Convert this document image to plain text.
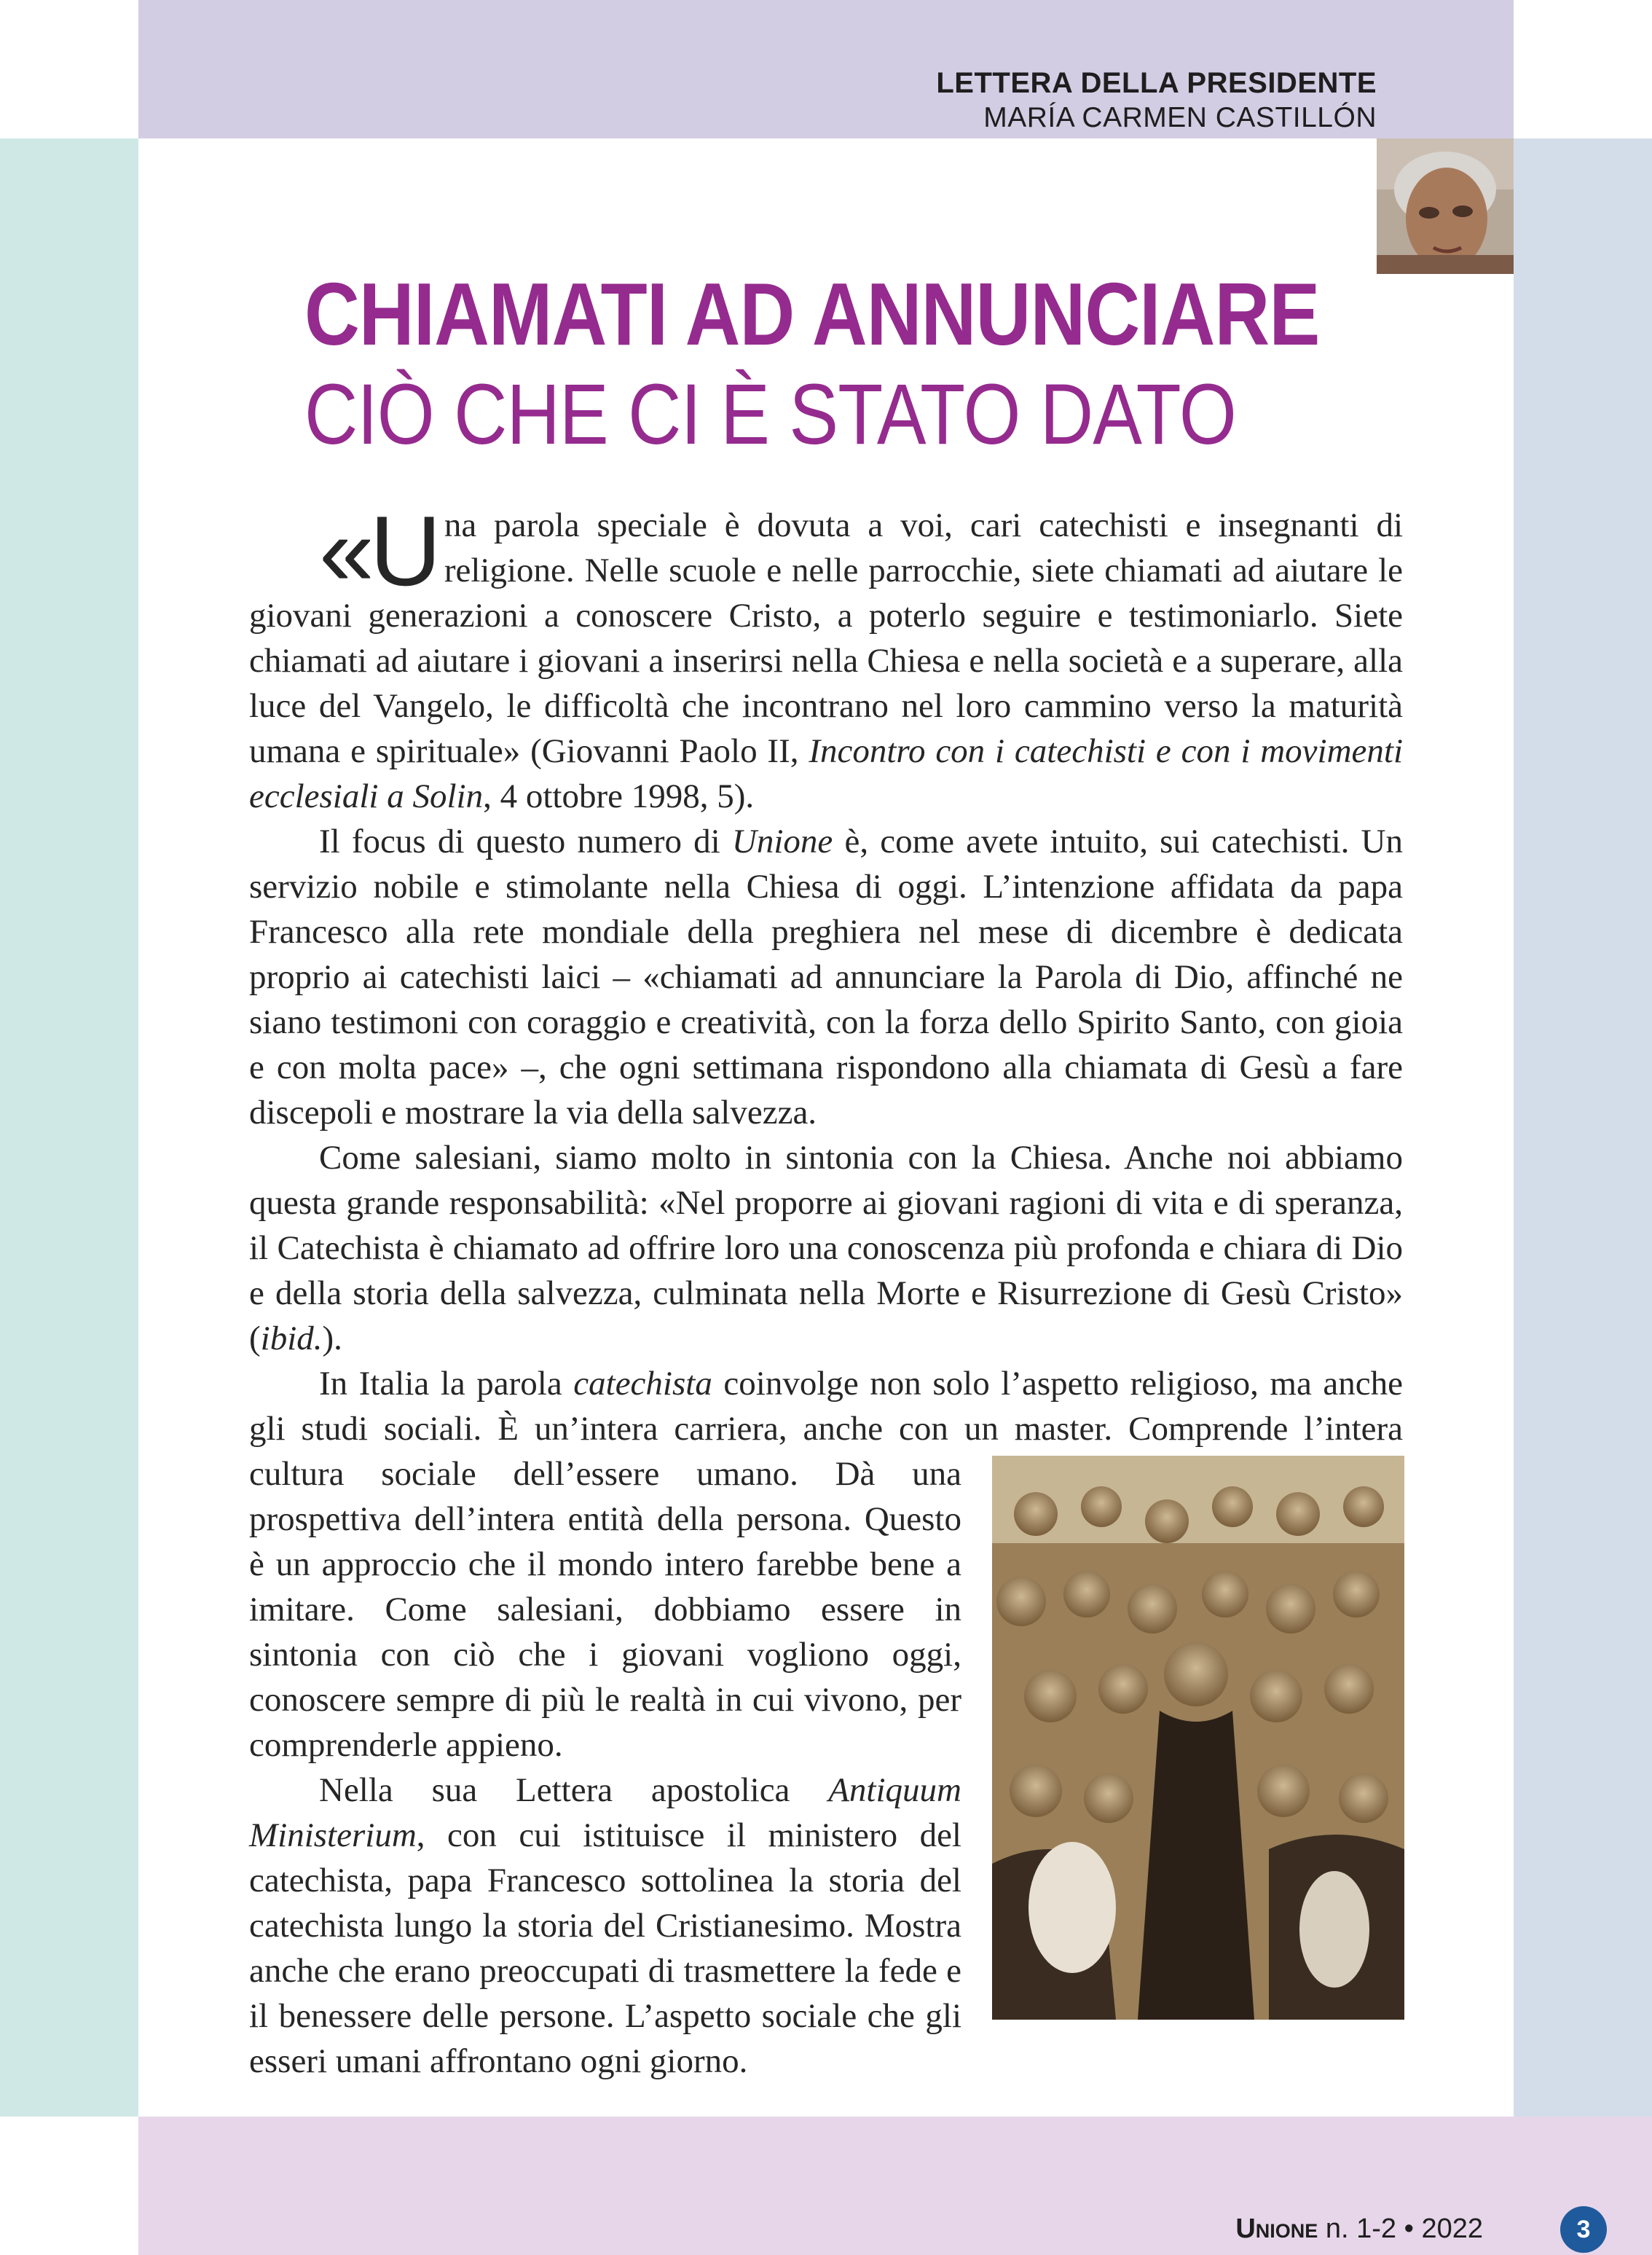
LETTERA DELLA PRESIDENTE
MARÍA CARMEN CASTILLÓN
CHIAMATI AD ANNUNCIARE
CIÒ CHE CI È STATO DATO

«Una parola speciale è dovuta a voi, cari catechisti e insegnanti di religione. Nelle scuole e nelle parrocchie, siete chiamati ad aiutare le giovani generazioni a conoscere Cristo, a poterlo seguire e testimoniarlo. Siete chiamati ad aiutare i giovani a inserirsi nella Chiesa e nella società e a superare, alla luce del Vangelo, le difficoltà che incontrano nel loro cammino verso la maturità umana e spirituale» (Giovanni Paolo II, Incontro con i catechisti e con i movimenti ecclesiali a Solin, 4 ottobre 1998, 5).

Il focus di questo numero di Unione è, come avete intuito, sui catechisti. Un servizio nobile e stimolante nella Chiesa di oggi. L’intenzione affidata da papa Francesco alla rete mondiale della preghiera nel mese di dicembre è dedicata proprio ai catechisti laici – «chiamati ad annunciare la Parola di Dio, affinché ne siano testimoni con coraggio e creatività, con la forza dello Spirito Santo, con gioia e con molta pace» –, che ogni settimana rispondono alla chiamata di Gesù a fare discepoli e mostrare la via della salvezza.

Come salesiani, siamo molto in sintonia con la Chiesa. Anche noi abbiamo questa grande responsabilità: «Nel proporre ai giovani ragioni di vita e di speranza, il Catechista è chiamato ad offrire loro una conoscenza più profonda e chiara di Dio e della storia della salvezza, culminata nella Morte e Risurrezione di Gesù Cristo» (ibid.).

In Italia la parola catechista coinvolge non solo l’aspetto religioso, ma anche gli studi sociali. È un’intera carriera, anche con un master. Comprende l’intera cultura sociale dell’essere umano. Dà una prospettiva dell’intera entità della persona. Questo è un approccio che il mondo intero farebbe bene a imitare. Come salesiani, dobbiamo essere in sintonia con ciò che i giovani vogliono oggi, conoscere sempre di più le realtà in cui vivono, per comprenderle appieno.

Nella sua Lettera apostolica Antiquum Ministerium, con cui istituisce il ministero del catechista, papa Francesco sottolinea la storia del catechista lungo la storia del Cristianesimo. Mostra anche che erano preoccupati di trasmettere la fede e il benessere delle persone. L’aspetto sociale che gli esseri umani affrontano ogni giorno.

Unione n. 1-2 • 2022	3
